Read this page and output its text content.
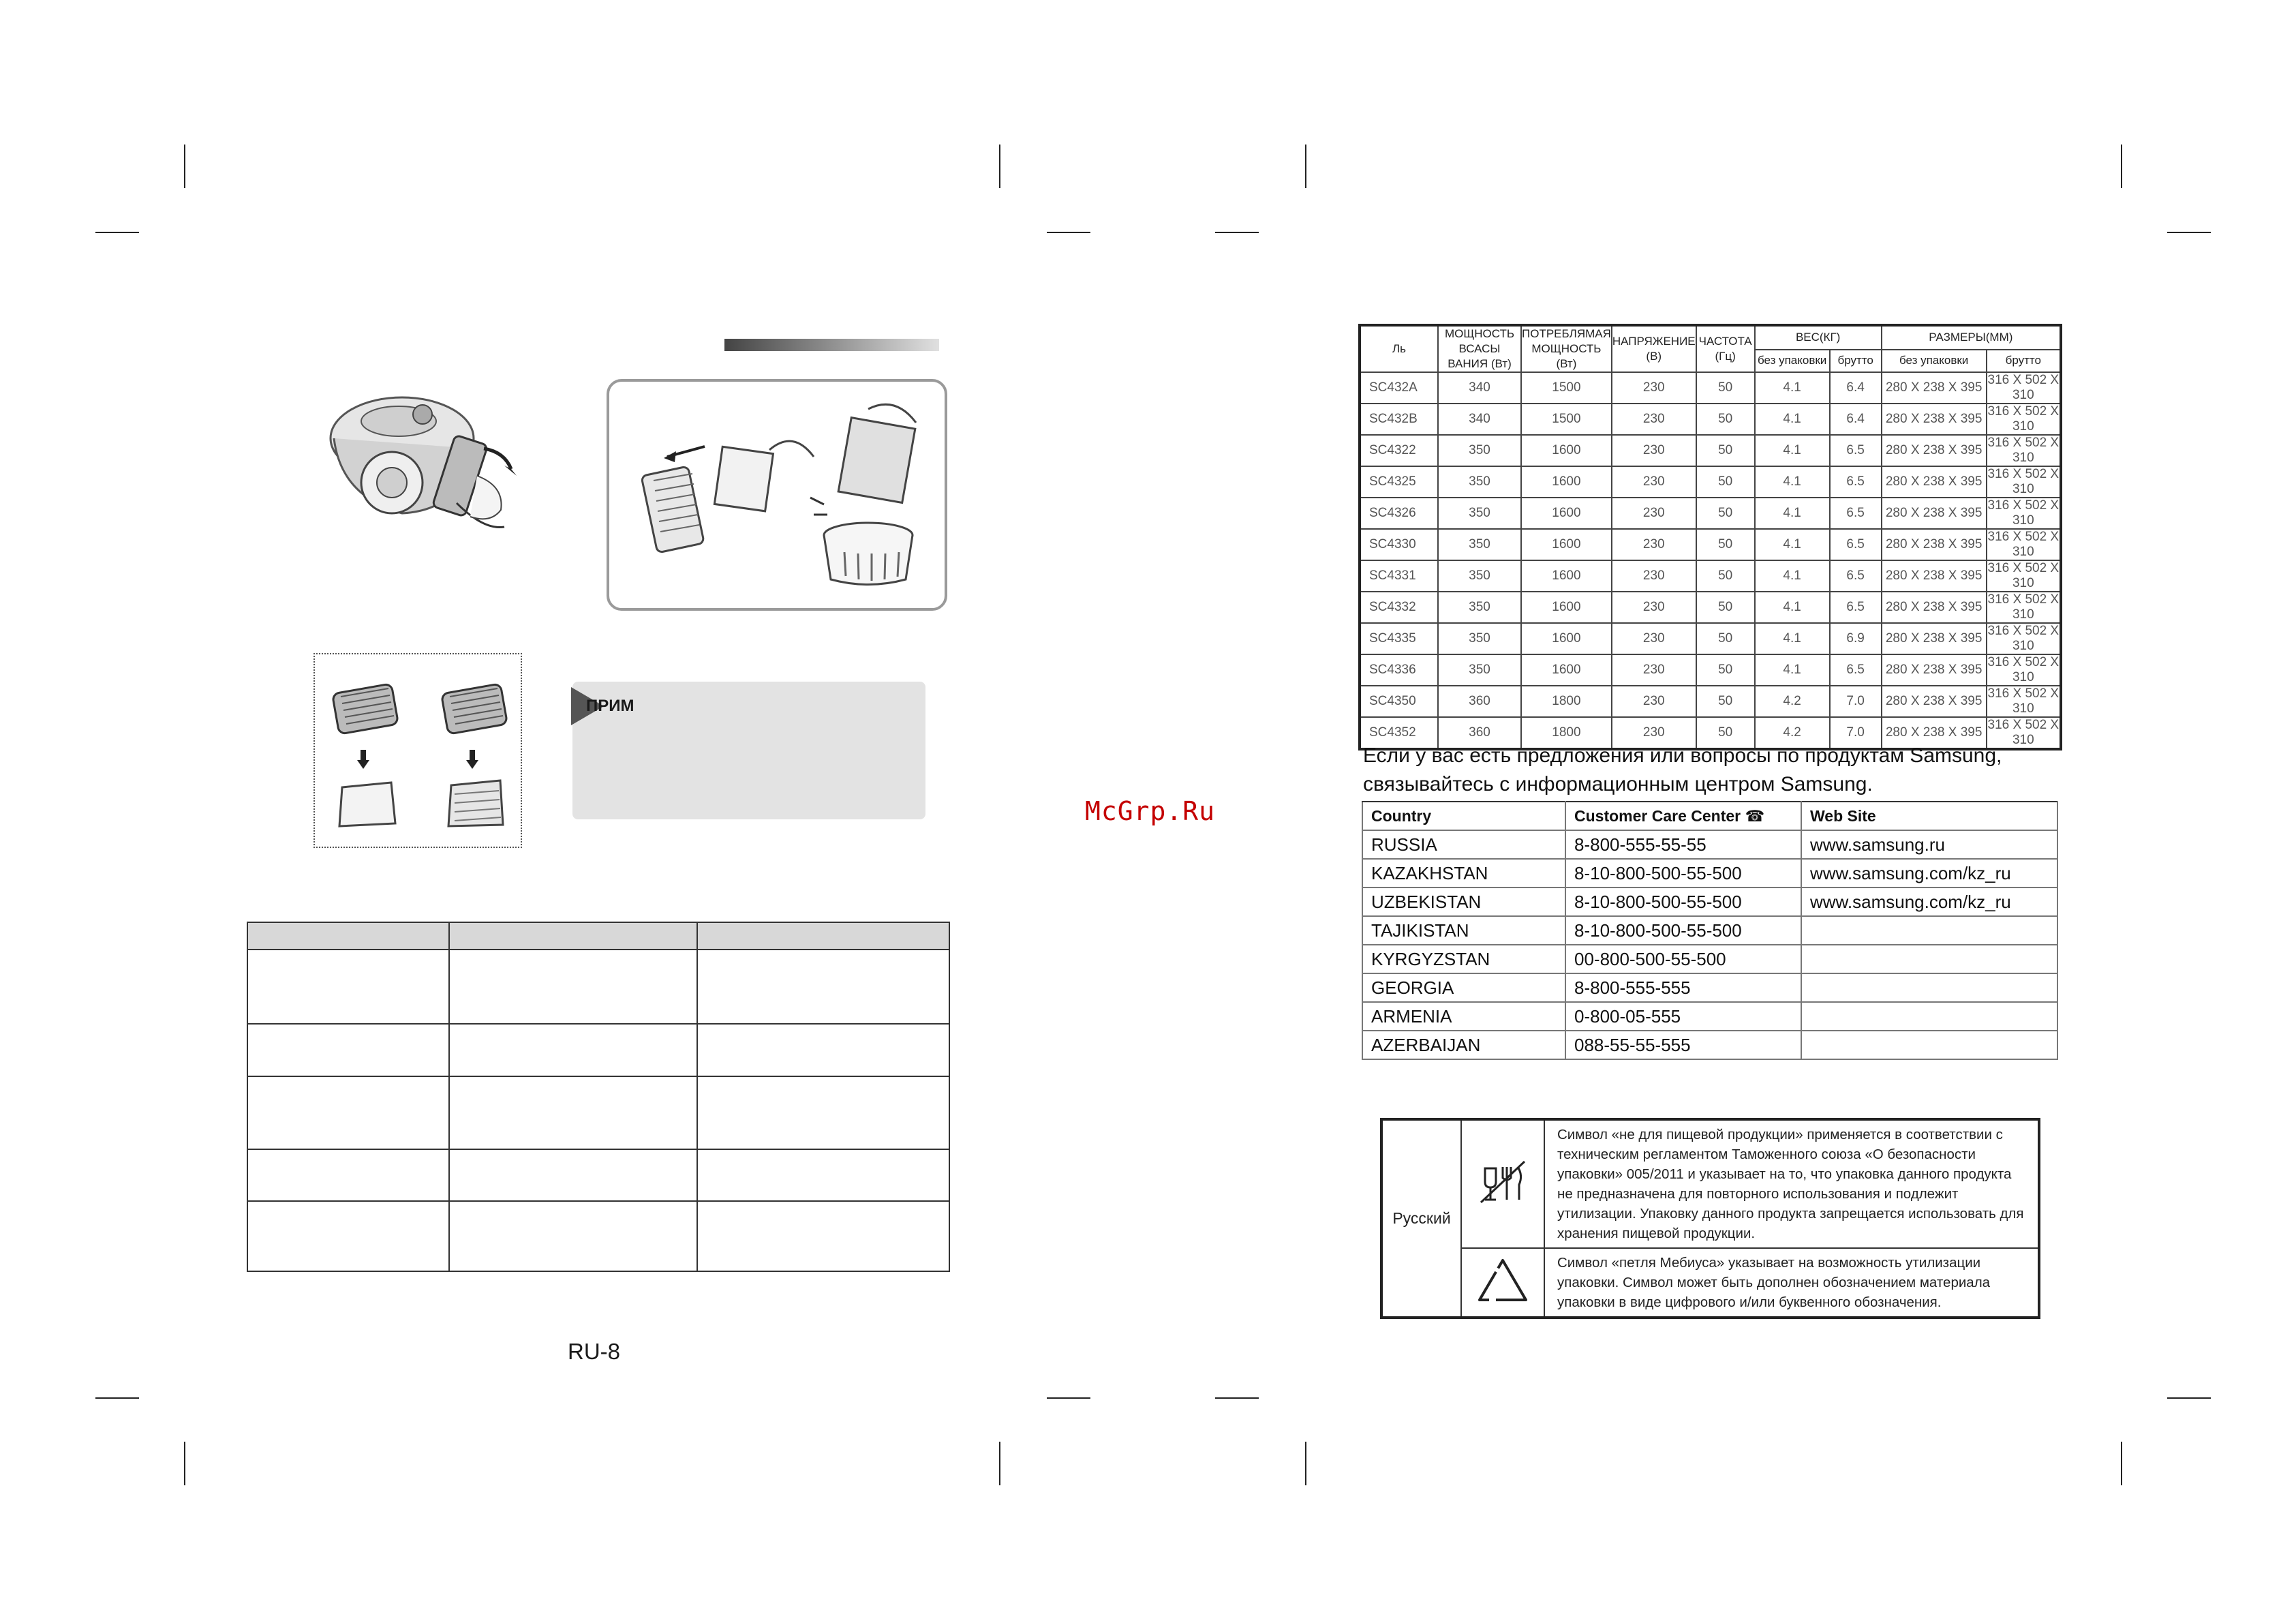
ПРИМ

RU-8
McGrp.Ru
Ль	МОЩНОСТЬ ВСАСЫ ВАНИЯ (Вт)	ПОТРЕБЛЯМАЯ МОЩНОСТЬ (Вт)	НАПРЯЖЕНИЕ (В)	ЧАСТОТА (Гц)	ВЕС(КГ)		РАЗМЕРЫ(ММ)	
					без упаковки	брутто	без упаковки	брутто
SC432A	340	1500	230	50	4.1	6.4	280 X 238 X 395	316 X 502 X 310
SC432B	340	1500	230	50	4.1	6.4	280 X 238 X 395	316 X 502 X 310
SC4322	350	1600	230	50	4.1	6.5	280 X 238 X 395	316 X 502 X 310
SC4325	350	1600	230	50	4.1	6.5	280 X 238 X 395	316 X 502 X 310
SC4326	350	1600	230	50	4.1	6.5	280 X 238 X 395	316 X 502 X 310
SC4330	350	1600	230	50	4.1	6.5	280 X 238 X 395	316 X 502 X 310
SC4331	350	1600	230	50	4.1	6.5	280 X 238 X 395	316 X 502 X 310
SC4332	350	1600	230	50	4.1	6.5	280 X 238 X 395	316 X 502 X 310
SC4335	350	1600	230	50	4.1	6.9	280 X 238 X 395	316 X 502 X 310
SC4336	350	1600	230	50	4.1	6.5	280 X 238 X 395	316 X 502 X 310
SC4350	360	1800	230	50	4.2	7.0	280 X 238 X 395	316 X 502 X 310
SC4352	360	1800	230	50	4.2	7.0	280 X 238 X 395	316 X 502 X 310
Если у вас есть предложения или вопросы по продуктам Samsung,
связывайтесь с информационным центром Samsung.
Country	Customer Care Center ☎	Web Site
RUSSIA	8-800-555-55-55	www.samsung.ru
KAZAKHSTAN	8-10-800-500-55-500	www.samsung.com/kz_ru
UZBEKISTAN	8-10-800-500-55-500	www.samsung.com/kz_ru
TAJIKISTAN	8-10-800-500-55-500	
KYRGYZSTAN	00-800-500-55-500	
GEORGIA	8-800-555-555	
ARMENIA	0-800-05-555	
AZERBAIJAN	088-55-55-555	
Русский		Символ «не для пищевой продукции» применяется в соответствии с техническим регламентом Таможенного союза «О безопасности упаковки» 005/2011 и указывает на то, что упаковка данного продукта не предназначена для повторного использования и подлежит утилизации. Упаковку данного продукта запрещается использовать для хранения пищевой продукции.
	Символ «петля Мебиуса» указывает на возможность утилизации упаковки. Символ может быть дополнен обозначением материала упаковки в виде цифрового и/или буквенного обозначения.
